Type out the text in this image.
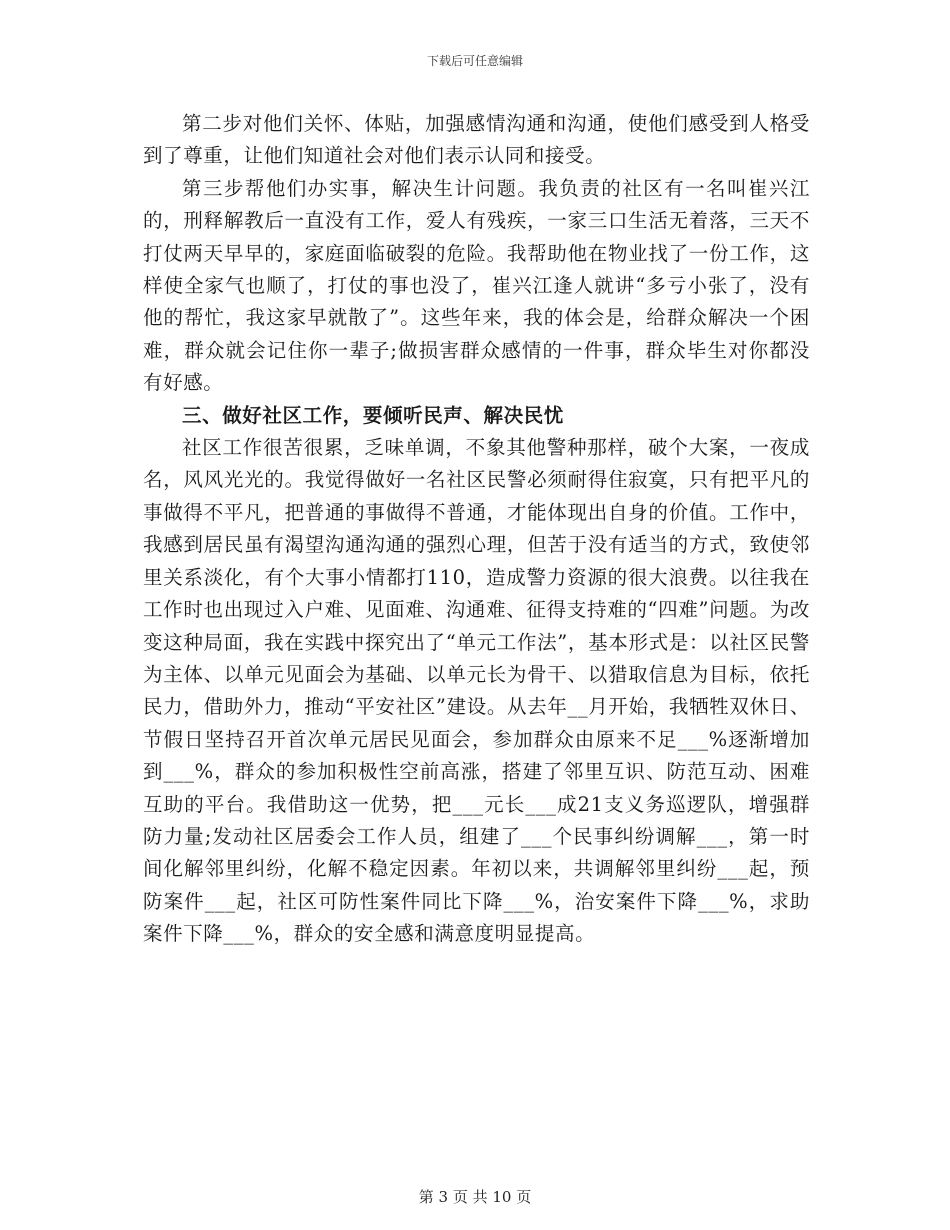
下载后可任意编辑

第二步对他们关怀、体贴，加强感情沟通和沟通，使他们感受到人格受到了尊重，让他们知道社会对他们表示认同和接受。

第三步帮他们办实事，解决生计问题。我负责的社区有一名叫崔兴江的，刑释解教后一直没有工作，爱人有残疾，一家三口生活无着落，三天不打仗两天早早的，家庭面临破裂的危险。我帮助他在物业找了一份工作，这样使全家气也顺了，打仗的事也没了，崔兴江逢人就讲“多亏小张了，没有他的帮忙，我这家早就散了”。这些年来，我的体会是，给群众解决一个困难，群众就会记住你一辈子;做损害群众感情的一件事，群众毕生对你都没有好感。

三、做好社区工作，要倾听民声、解决民忧

社区工作很苦很累，乏味单调，不象其他警种那样，破个大案，一夜成名，风风光光的。我觉得做好一名社区民警必须耐得住寂寞，只有把平凡的事做得不平凡，把普通的事做得不普通，才能体现出自身的价值。工作中，我感到居民虽有渴望沟通沟通的强烈心理，但苦于没有适当的方式，致使邻里关系淡化，有个大事小情都打110，造成警力资源的很大浪费。以往我在工作时也出现过入户难、见面难、沟通难、征得支持难的“四难”问题。为改变这种局面，我在实践中探究出了“单元工作法”，基本形式是：以社区民警为主体、以单元见面会为基础、以单元长为骨干、以猎取信息为目标，依托民力，借助外力，推动“平安社区”建设。从去年__月开始，我牺牲双休日、节假日坚持召开首次单元居民见面会，参加群众由原来不足___%逐渐增加到___%，群众的参加积极性空前高涨，搭建了邻里互识、防范互动、困难互助的平台。我借助这一优势，把___元长___成21支义务巡逻队，增强群防力量;发动社区居委会工作人员，组建了___个民事纠纷调解___，第一时间化解邻里纠纷，化解不稳定因素。年初以来，共调解邻里纠纷___起，预防案件___起，社区可防性案件同比下降___%，治安案件下降___%，求助案件下降___%，群众的安全感和满意度明显提高。

第 3 页 共 10 页
